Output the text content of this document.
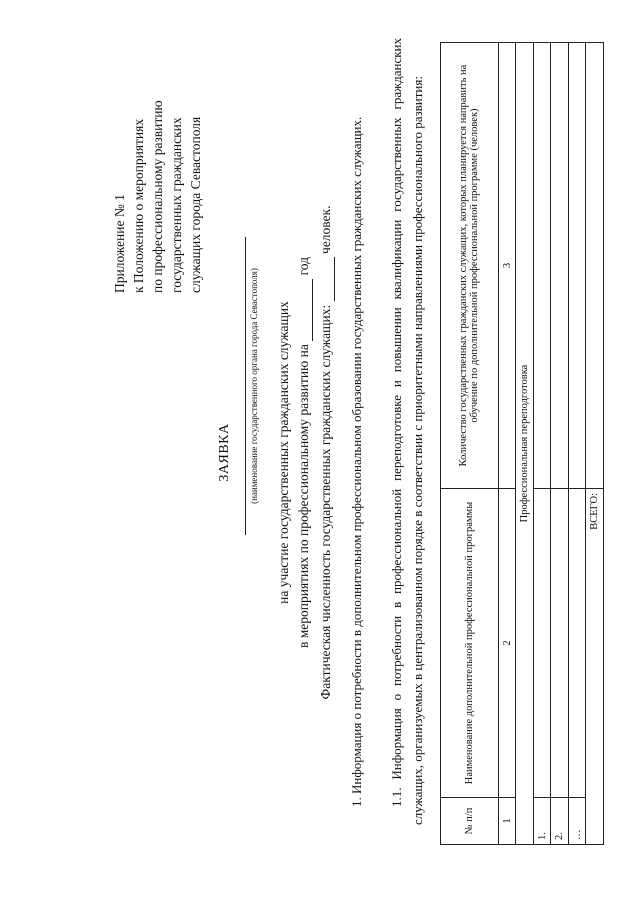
Приложение № 1 к Положению о мероприятиях по профессиональному развитию государственных гражданских служащих города Севастополя
ЗАЯВКА (наименование государственного органа города Севастополя) на участие государственных гражданских служащих в мероприятиях по профессиональному развитию на   год
Фактическая численность государственных гражданских служащих:   человек. 1. Информация о потребности в дополнительном профессиональном образовании государственных гражданских служащих. 1.1. Информация о потребности в профессиональной переподготовке и повышении квалификации государственных гражданских служащих, организуемых в централизованном порядке в соответствии с приоритетными направлениями профессионального развития:	№ п/п	Наименование дополнительной профессиональной программы	Количество государственных гражданских служащих, которых планируется направить на обучение по дополнительной профессиональной программе (человек)
1	2	3
Профессиональная переподготовка		
1.		
2.		
…		
ВСЕГО:		
